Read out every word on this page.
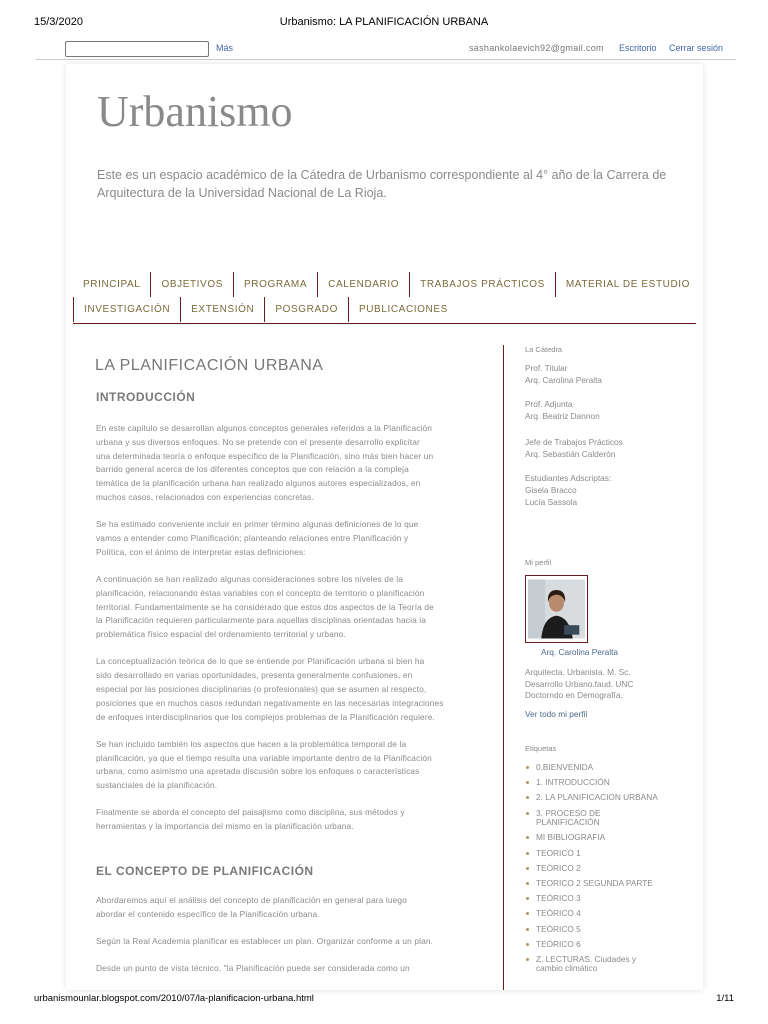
15/3/2020	Urbanismo: LA PLANIFICACIÓN URBANA
Más	sashankolaevich92@gmail.com Escritorio Cerrar sesión
Urbanismo
Este es un espacio académico de la Cátedra de Urbanismo correspondiente al 4° año de la Carrera de Arquitectura de la Universidad Nacional de La Rioja.
PRINCIPAL	OBJETIVOS	PROGRAMA	CALENDARIO	TRABAJOS PRÁCTICOS	MATERIAL DE ESTUDIO
INVESTIGACIÓN	EXTENSIÓN	POSGRADO	PUBLICACIONES
LA PLANIFICACIÓN URBANA
INTRODUCCIÓN
En este capitulo se desarrollan algunos conceptos generales referidos a la Planificación
urbana y sus diversos enfoques. No se pretende con el presente desarrollo explicitar
una determinada teoría o enfoque específico de la Planificación, sino más bien hacer un
barrido general acerca de los diferentes conceptos que con relación a la compleja
temática de la planificación urbana han realizado algunos autores especializados, en
muchos casos, relacionados con experiencias concretas.
Se ha estimado conveniente incluir en primer término algunas definiciones de lo que
vamos a entender como Planificación; planteando relaciones entre Planificación y
Política, con el ánimo de interpretar estas definiciones:
A continuación se han realizado algunas consideraciones sobre los niveles de la
planificación, relacionando éstas variables con el concepto de territorio o planificación
territorial. Fundamentalmente se ha considerado que estos dos aspectos de la Teoría de
la Planificación requieren particularmente para aquellas disciplinas orientadas hacia la
problemática físico espacial del ordenamiento territorial y urbano.
La conceptualización teórica de lo que se entiende por Planificación urbana si bien ha
sido desarrollado en varias oportunidades, presenta generalmente confusiones, en
especial por las posiciones disciplinarias (o profesionales) que se asumen al respecto,
posiciones que en muchos casos redundan negativamente en las necesarias integraciones
de enfoques interdisciplinarios que los complejos problemas de la Planificación requiere.
Se han incluido también los aspectos que hacen a la problemática temporal de la
planificación, ya que el tiempo resulta una variable importante dentro de la Planificación
urbana, como asimismo una apretada discusión sobre los enfoques o características
sustanciales de la planificación.
Finalmente se aborda el concepto del paisajismo como disciplina, sus métodos y
herramientas y la importancia del mismo en la planificación urbana.
EL CONCEPTO DE PLANIFICACIÓN
Abordaremos aquí el análisis del concepto de planificación en general para luego
abordar el contenido específico de la Planificación urbana.
Según la Real Academia planificar es establecer un plan. Organizar conforme a un plan.
Desde un punto de vista técnico, "la Planificación puede ser considerada como un
La Cátedra
Prof. Titular
Arq. Carolina Peralta
Prof. Adjunta
Arq. Beatriz Dannon
Jefe de Trabajos Prácticos
Arq. Sebastián Calderón
Estudiantes Adscriptas:
Gisela Bracco
Lucía Sassola
Mi perfil
Arq. Carolina Peralta
Arquitecta. Urbanista. M. Sc.
Desarrollo Urbano.faud. UNC
Doctorndo en Demografía.
Ver todo mi perfil
Etiquetas
0.BIENVENIDA
1. INTRODUCCIÓN
2. LA PLANIFICACION URBANA
3. PROCESO DE
PLANIFICACIÓN
MI BIBLIOGRAFIA
TEORICO 1
TEÓRICO 2
TEORICO 2 SEGUNDA PARTE
TEÓRICO 3
TEÓRICO 4
TEÓRICO 5
TEÓRICO 6
Z. LECTURAS. Ciudades y
cambio climático
urbanismounlar.blogspot.com/2010/07/la-planificacion-urbana.html	1/11
